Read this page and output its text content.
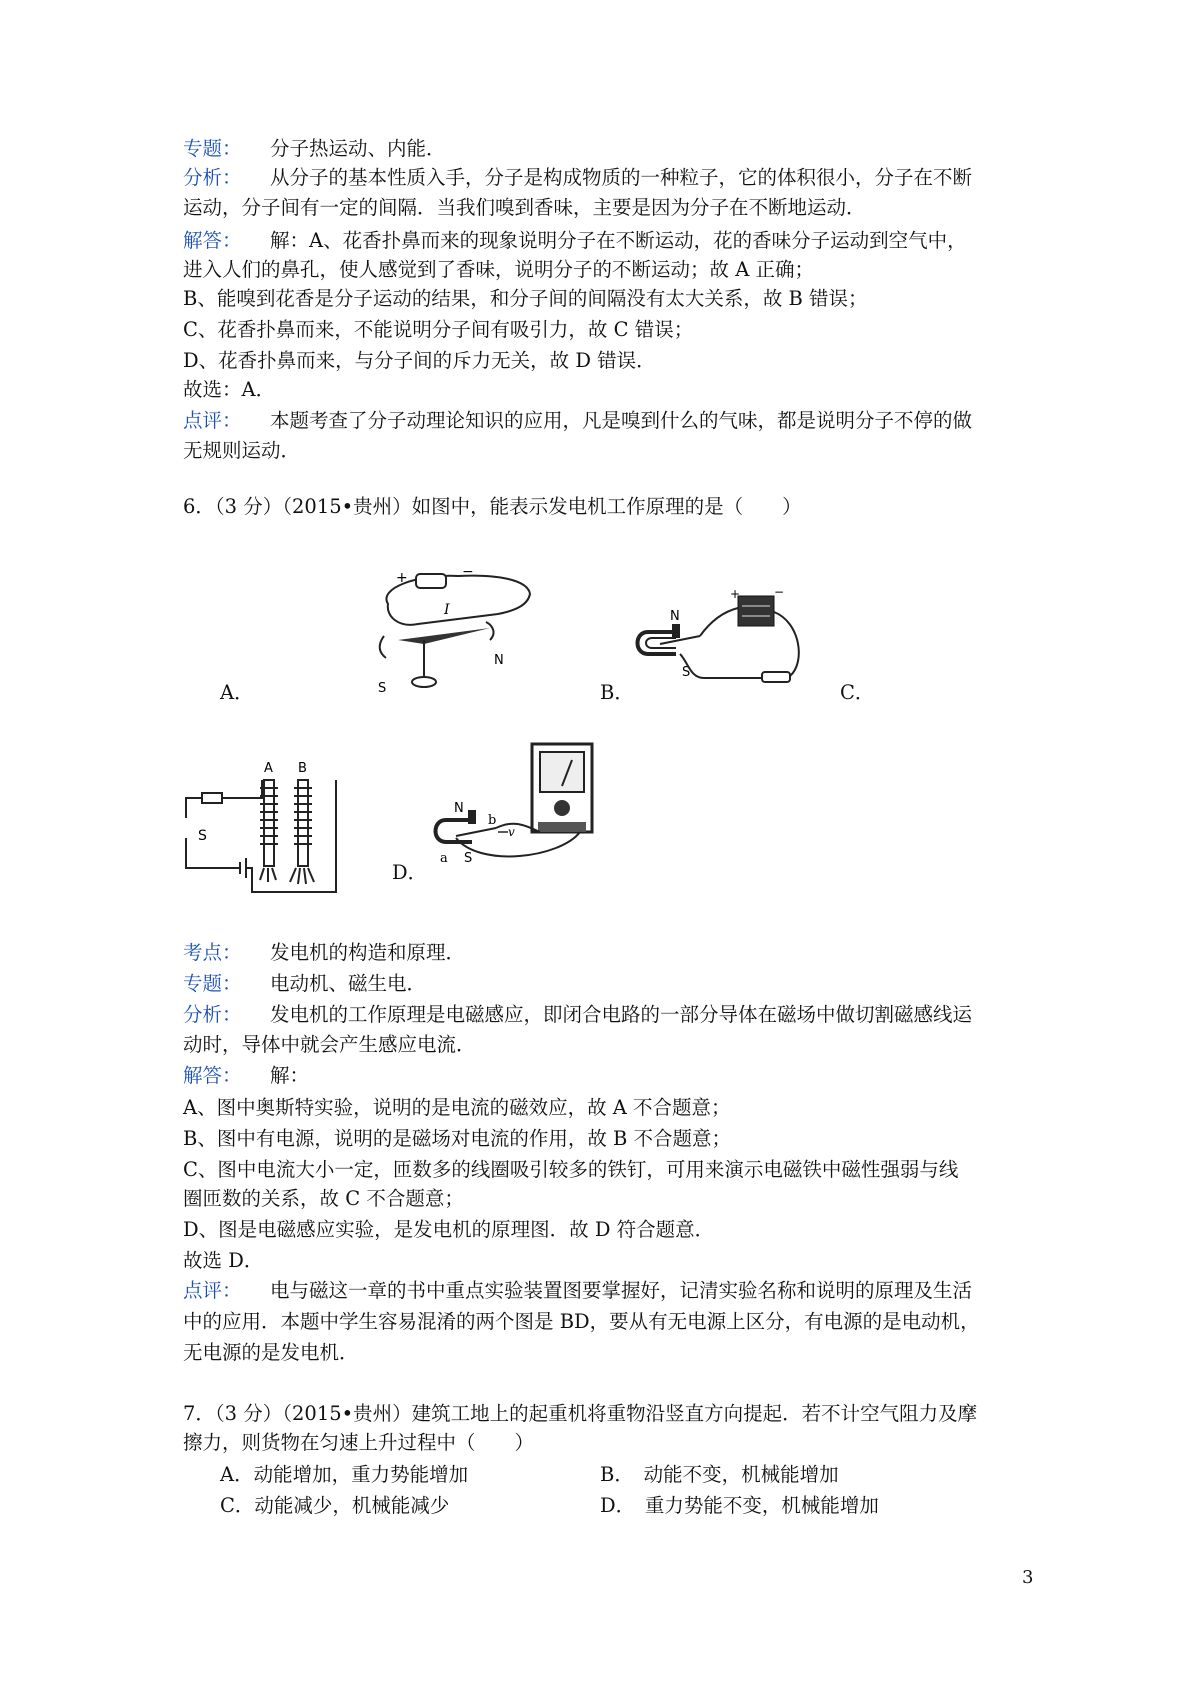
专题： 分子热运动、内能．
分析： 从分子的基本性质入手，分子是构成物质的一种粒子，它的体积很小，分子在不断
运动，分子间有一定的间隔．当我们嗅到香味，主要是因为分子在不断地运动．
解答： 解：A、花香扑鼻而来的现象说明分子在不断运动，花的香味分子运动到空气中，
进入人们的鼻孔，使人感觉到了香味，说明分子的不断运动；故 A 正确；
B、能嗅到花香是分子运动的结果，和分子间的间隔没有太大关系，故 B 错误；
C、花香扑鼻而来，不能说明分子间有吸引力，故 C 错误；
D、花香扑鼻而来，与分子间的斥力无关，故 D 错误．
故选：A．
点评： 本题考查了分子动理论知识的应用，凡是嗅到什么的气味，都是说明分子不停的做
无规则运动．
6．（3 分）（2015•贵州）如图中，能表示发电机工作原理的是（　　）
+	−
I
S
N
A．
N
S
+	−
B．	C．
A B
S
N
S
a
b
v
D．
考点： 发电机的构造和原理．
专题： 电动机、磁生电．
分析： 发电机的工作原理是电磁感应，即闭合电路的一部分导体在磁场中做切割磁感线运
动时，导体中就会产生感应电流．
解答： 解：
A、图中奥斯特实验，说明的是电流的磁效应，故 A 不合题意；
B、图中有电源，说明的是磁场对电流的作用，故 B 不合题意；
C、图中电流大小一定，匝数多的线圈吸引较多的铁钉，可用来演示电磁铁中磁性强弱与线
圈匝数的关系，故 C 不合题意；
D、图是电磁感应实验，是发电机的原理图．故 D 符合题意．
故选 D．
点评： 电与磁这一章的书中重点实验装置图要掌握好，记清实验名称和说明的原理及生活
中的应用．本题中学生容易混淆的两个图是 BD，要从有无电源上区分，有电源的是电动机，
无电源的是发电机．
7．（3 分）（2015•贵州）建筑工地上的起重机将重物沿竖直方向提起．若不计空气阻力及摩
擦力，则货物在匀速上升过程中（　　）
A．动能增加，重力势能增加	B．　动能不变，机械能增加
C．动能减少，机械能减少	D．　重力势能不变，机械能增加
3
